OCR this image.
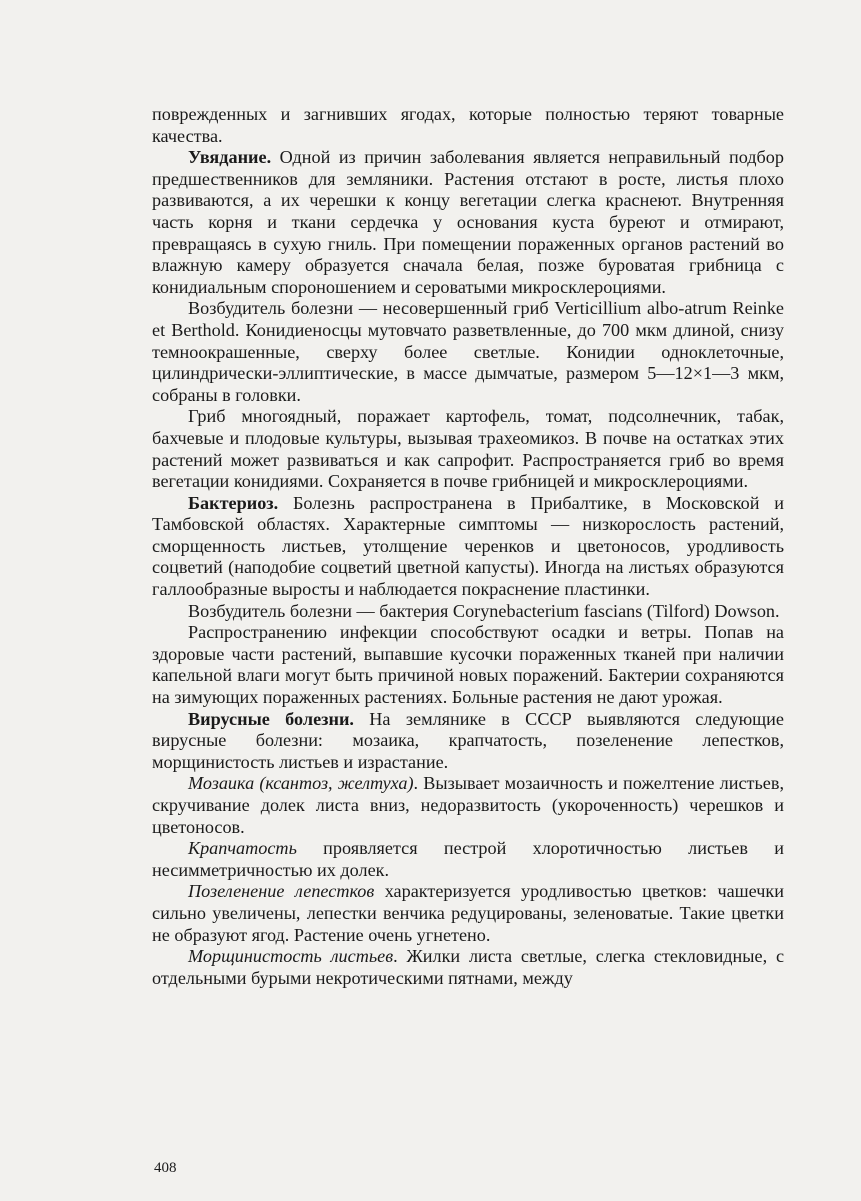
поврежденных и загнивших ягодах, которые полностью теряют товарные качества.

Увядание. Одной из причин заболевания является неправильный подбор предшественников для земляники. Растения отстают в росте, листья плохо развиваются, а их черешки к концу вегетации слегка краснеют. Внутренняя часть корня и ткани сердечка у основания куста буреют и отмирают, превращаясь в сухую гниль. При помещении пораженных органов растений во влажную камеру образуется сначала белая, позже буроватая грибница с конидиальным спороношением и сероватыми микросклероциями.

Возбудитель болезни — несовершенный гриб Verticillium albo-atrum Reinke et Berthold. Конидиеносцы мутовчато разветвленные, до 700 мкм длиной, снизу темноокрашенные, сверху более светлые. Конидии одноклеточные, цилиндрически-эллиптические, в массе дымчатые, размером 5—12×1—3 мкм, собраны в головки.

Гриб многоядный, поражает картофель, томат, подсолнечник, табак, бахчевые и плодовые культуры, вызывая трахеомикоз. В почве на остатках этих растений может развиваться и как сапрофит. Распространяется гриб во время вегетации конидиями. Сохраняется в почве грибницей и микросклероциями.

Бактериоз. Болезнь распространена в Прибалтике, в Московской и Тамбовской областях. Характерные симптомы — низкорослость растений, сморщенность листьев, утолщение черенков и цветоносов, уродливость соцветий (наподобие соцветий цветной капусты). Иногда на листьях образуются галлообразные выросты и наблюдается покраснение пластинки.

Возбудитель болезни — бактерия Corynebacterium fascians (Tilford) Dowson.

Распространению инфекции способствуют осадки и ветры. Попав на здоровые части растений, выпавшие кусочки пораженных тканей при наличии капельной влаги могут быть причиной новых поражений. Бактерии сохраняются на зимующих пораженных растениях. Больные растения не дают урожая.

Вирусные болезни. На землянике в СССР выявляются следующие вирусные болезни: мозаика, крапчатость, позеленение лепестков, морщинистость листьев и израстание.

Мозаика (ксантоз, желтуха). Вызывает мозаичность и пожелтение листьев, скручивание долек листа вниз, недоразвитость (укороченность) черешков и цветоносов.

Крапчатость проявляется пестрой хлоротичностью листьев и несимметричностью их долек.

Позеленение лепестков характеризуется уродливостью цветков: чашечки сильно увеличены, лепестки венчика редуцированы, зеленоватые. Такие цветки не образуют ягод. Растение очень угнетено.

Морщинистость листьев. Жилки листа светлые, слегка стекловидные, с отдельными бурыми некротическими пятнами, между

408
